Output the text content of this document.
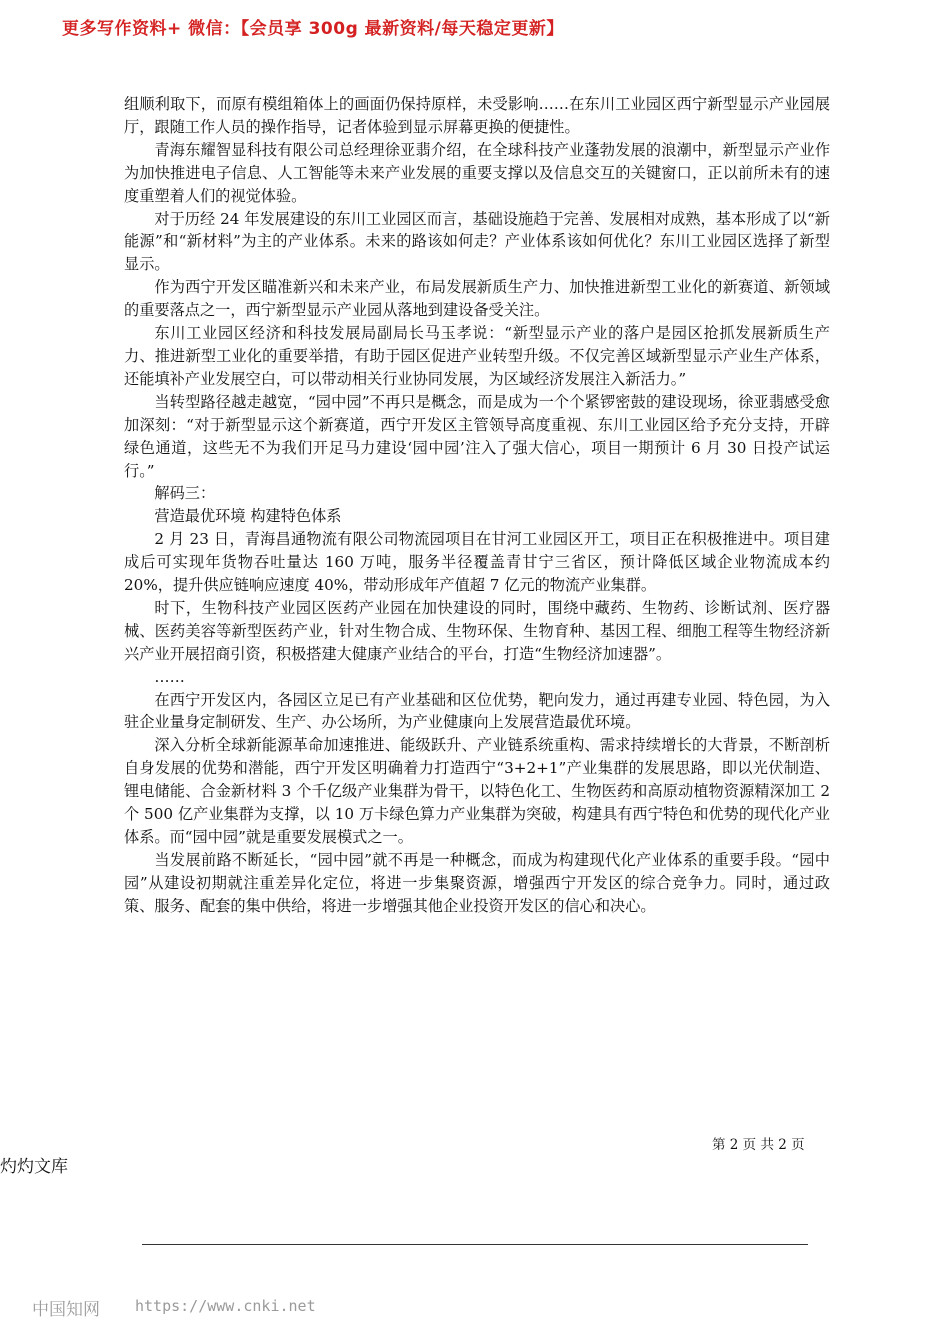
更多写作资料+ 微信：【会员享 300g 最新资料/每天稳定更新】

组顺利取下，而原有模组箱体上的画面仍保持原样，未受影响……在东川工业园区西宁新型显示产业园展厅，跟随工作人员的操作指导，记者体验到显示屏幕更换的便捷性。

青海东耀智显科技有限公司总经理徐亚翡介绍，在全球科技产业蓬勃发展的浪潮中，新型显示产业作为加快推进电子信息、人工智能等未来产业发展的重要支撑以及信息交互的关键窗口，正以前所未有的速度重塑着人们的视觉体验。

对于历经 24 年发展建设的东川工业园区而言，基础设施趋于完善、发展相对成熟，基本形成了以“新能源”和“新材料”为主的产业体系。未来的路该如何走？产业体系该如何优化？东川工业园区选择了新型显示。

作为西宁开发区瞄准新兴和未来产业，布局发展新质生产力、加快推进新型工业化的新赛道、新领域的重要落点之一，西宁新型显示产业园从落地到建设备受关注。

东川工业园区经济和科技发展局副局长马玉孝说：“新型显示产业的落户是园区抢抓发展新质生产力、推进新型工业化的重要举措，有助于园区促进产业转型升级。不仅完善区域新型显示产业生产体系，还能填补产业发展空白，可以带动相关行业协同发展，为区域经济发展注入新活力。”

当转型路径越走越宽，“园中园”不再只是概念，而是成为一个个紧锣密鼓的建设现场，徐亚翡感受愈加深刻：“对于新型显示这个新赛道，西宁开发区主管领导高度重视、东川工业园区给予充分支持，开辟绿色通道，这些无不为我们开足马力建设‘园中园’注入了强大信心，项目一期预计 6 月 30 日投产试运行。”

解码三：

营造最优环境 构建特色体系

2 月 23 日，青海昌通物流有限公司物流园项目在甘河工业园区开工，项目正在积极推进中。项目建成后可实现年货物吞吐量达 160 万吨，服务半径覆盖青甘宁三省区，预计降低区域企业物流成本约 20%，提升供应链响应速度 40%，带动形成年产值超 7 亿元的物流产业集群。

时下，生物科技产业园区医药产业园在加快建设的同时，围绕中藏药、生物药、诊断试剂、医疗器械、医药美容等新型医药产业，针对生物合成、生物环保、生物育种、基因工程、细胞工程等生物经济新兴产业开展招商引资，积极搭建大健康产业结合的平台，打造“生物经济加速器”。

……

在西宁开发区内，各园区立足已有产业基础和区位优势，靶向发力，通过再建专业园、特色园，为入驻企业量身定制研发、生产、办公场所，为产业健康向上发展营造最优环境。

深入分析全球新能源革命加速推进、能级跃升、产业链系统重构、需求持续增长的大背景，不断剖析自身发展的优势和潜能，西宁开发区明确着力打造西宁“3+2+1”产业集群的发展思路，即以光伏制造、锂电储能、合金新材料 3 个千亿级产业集群为骨干，以特色化工、生物医药和高原动植物资源精深加工 2 个 500 亿产业集群为支撑，以 10 万卡绿色算力产业集群为突破，构建具有西宁特色和优势的现代化产业体系。而“园中园”就是重要发展模式之一。

当发展前路不断延长，“园中园”就不再是一种概念，而成为构建现代化产业体系的重要手段。“园中园”从建设初期就注重差异化定位，将进一步集聚资源，增强西宁开发区的综合竞争力。同时，通过政策、服务、配套的集中供给，将进一步增强其他企业投资开发区的信心和决心。

第 2 页 共 2 页
灼灼文库
中国知网 https://www.cnki.net
